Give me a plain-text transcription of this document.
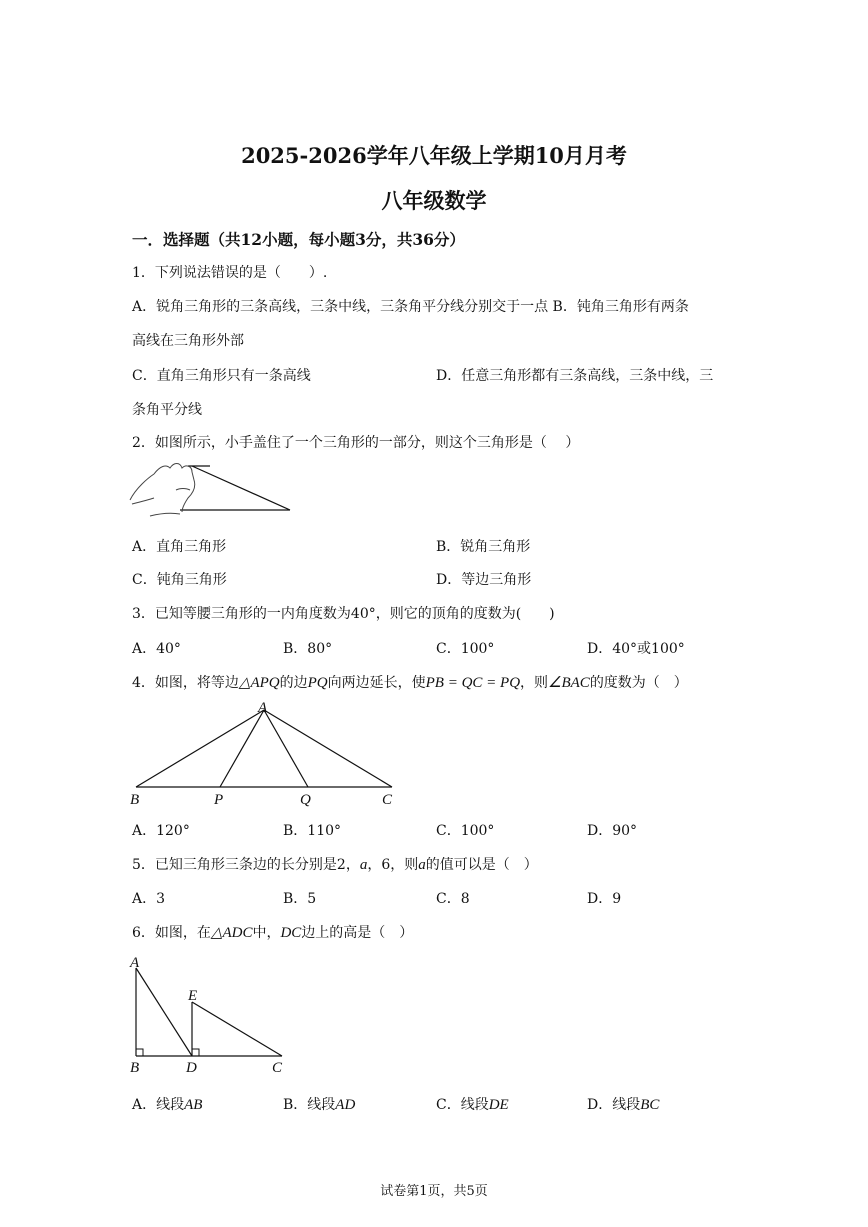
2025-2026学年八年级上学期10月月考
八年级数学
一．选择题（共12小题，每小题3分，共36分）
1．下列说法错误的是（　　）.
A．锐角三角形的三条高线，三条中线，三条角平分线分别交于一点 B．钝角三角形有两条
高线在三角形外部
C．直角三角形只有一条高线	D．任意三角形都有三条高线，三条中线，三
条角平分线
2．如图所示，小手盖住了一个三角形的一部分，则这个三角形是（　 ）
A．直角三角形	B．锐角三角形
C．钝角三角形	D．等边三角形
3．已知等腰三角形的一内角度数为40°，则它的顶角的度数为(　　)
A．40°	B．80°	C．100°	D．40°或100°
4．如图，将等边△APQ的边PQ向两边延长，使PB = QC = PQ，则∠BAC的度数为（　）
A
B	P	Q	C
A．120°	B．110°	C．100°	D．90°
5．已知三角形三条边的长分别是2，a，6，则a的值可以是（　）
A．3	B．5	C．8	D．9
6．如图，在△ADC中，DC边上的高是（　）
A
E
B	D	C
A．线段AB	B．线段AD	C．线段DE	D．线段BC
试卷第1页，共5页
